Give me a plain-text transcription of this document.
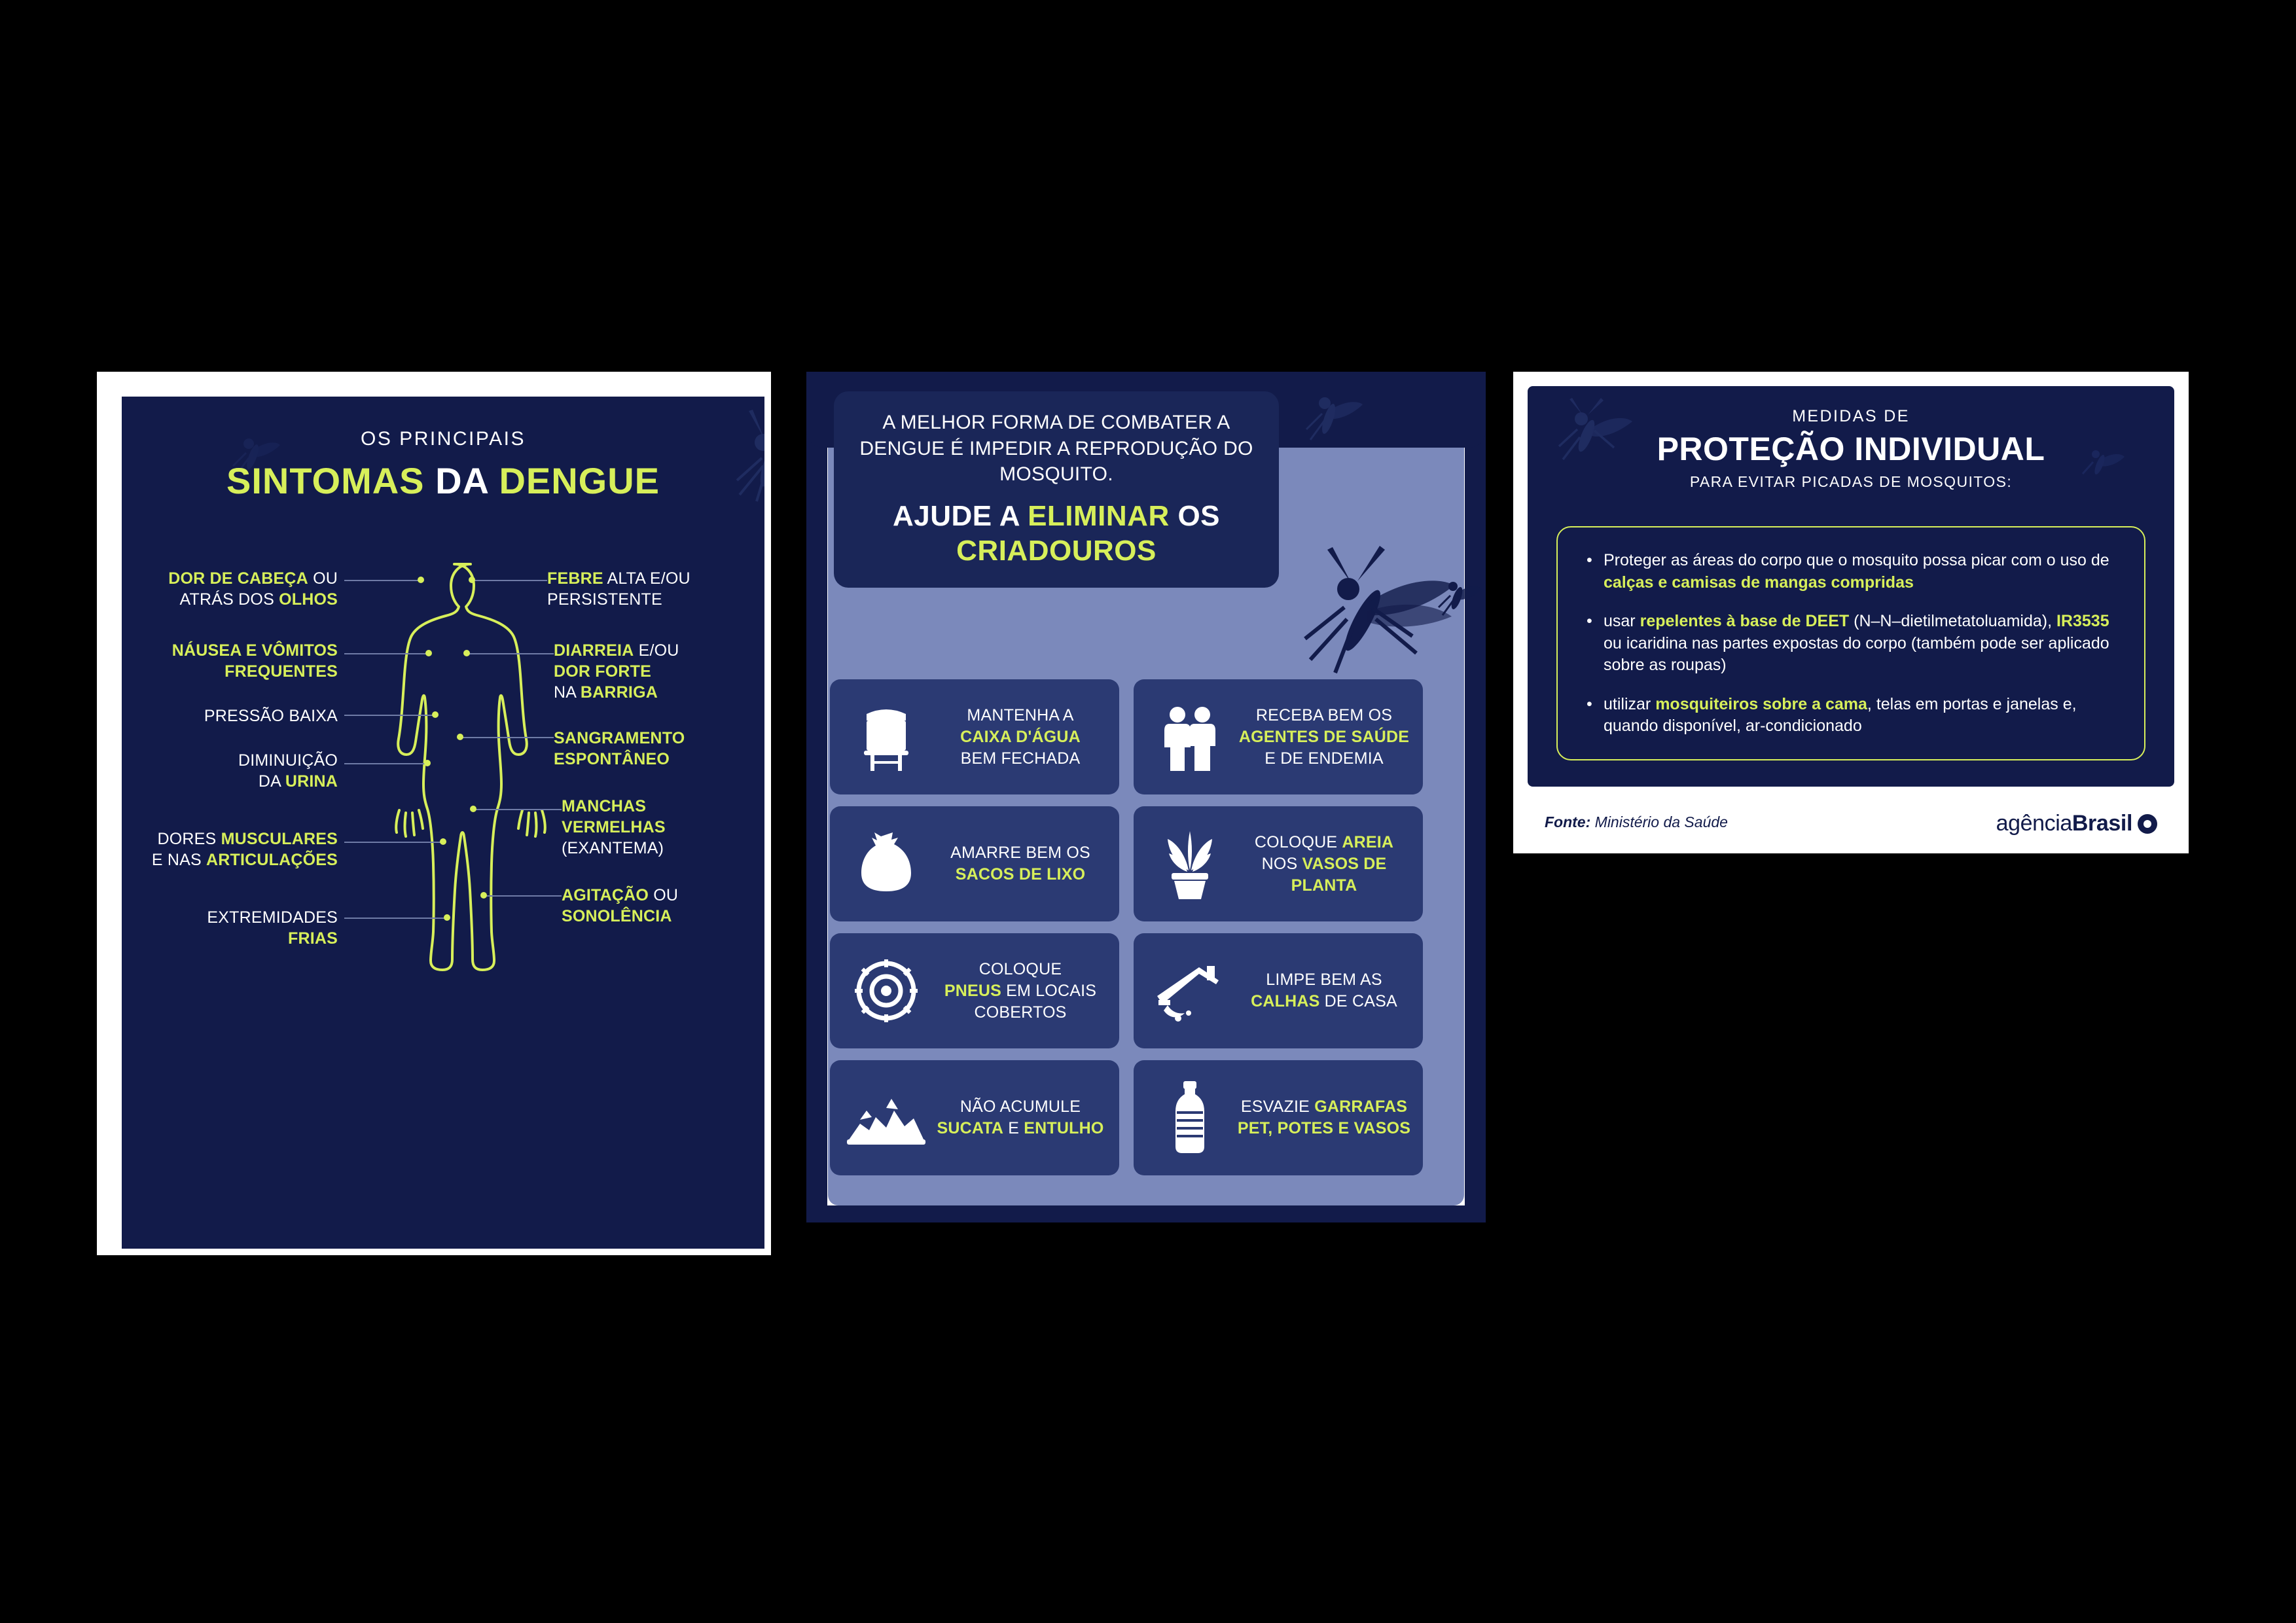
OS PRINCIPAIS
SINTOMAS DA DENGUE
DOR DE CABEÇA OU
ATRÁS DOS OLHOS
NÁUSEA E VÔMITOS
FREQUENTES
PRESSÃO BAIXA
DIMINUIÇÃO
DA URINA
DORES MUSCULARES
E NAS ARTICULAÇÕES
EXTREMIDADES
FRIAS
FEBRE ALTA E/OU
PERSISTENTE
DIARREIA E/OU
DOR FORTE
NA BARRIGA
SANGRAMENTO
ESPONTÂNEO
MANCHAS
VERMELHAS
(EXANTEMA)
AGITAÇÃO OU
SONOLÊNCIA
A MELHOR FORMA DE COMBATER A DENGUE É IMPEDIR A REPRODUÇÃO DO MOSQUITO.
AJUDE A ELIMINAR OS
CRIADOUROS
MANTENHA A
CAIXA D'ÁGUA
BEM FECHADA
RECEBA BEM OS
AGENTES DE SAÚDE
E DE ENDEMIA
AMARRE BEM OS
SACOS DE LIXO
COLOQUE AREIA
NOS VASOS DE
PLANTA
COLOQUE
PNEUS EM LOCAIS
COBERTOS
LIMPE BEM AS
CALHAS DE CASA
NÃO ACUMULE
SUCATA E ENTULHO
ESVAZIE GARRAFAS
PET, POTES E VASOS
MEDIDAS DE
PROTEÇÃO INDIVIDUAL
PARA EVITAR PICADAS DE MOSQUITOS:
• Proteger as áreas do corpo que o mosquito possa picar com o uso de calças e camisas de mangas compridas
• usar repelentes à base de DEET (N–N–dietilmetatoluamida), IR3535 ou icaridina nas partes expostas do corpo (também pode ser aplicado sobre as roupas)
• utilizar mosquiteiros sobre a cama, telas em portas e janelas e, quando disponível, ar-condicionado
Fonte: Ministério da Saúde	agência Brasil
